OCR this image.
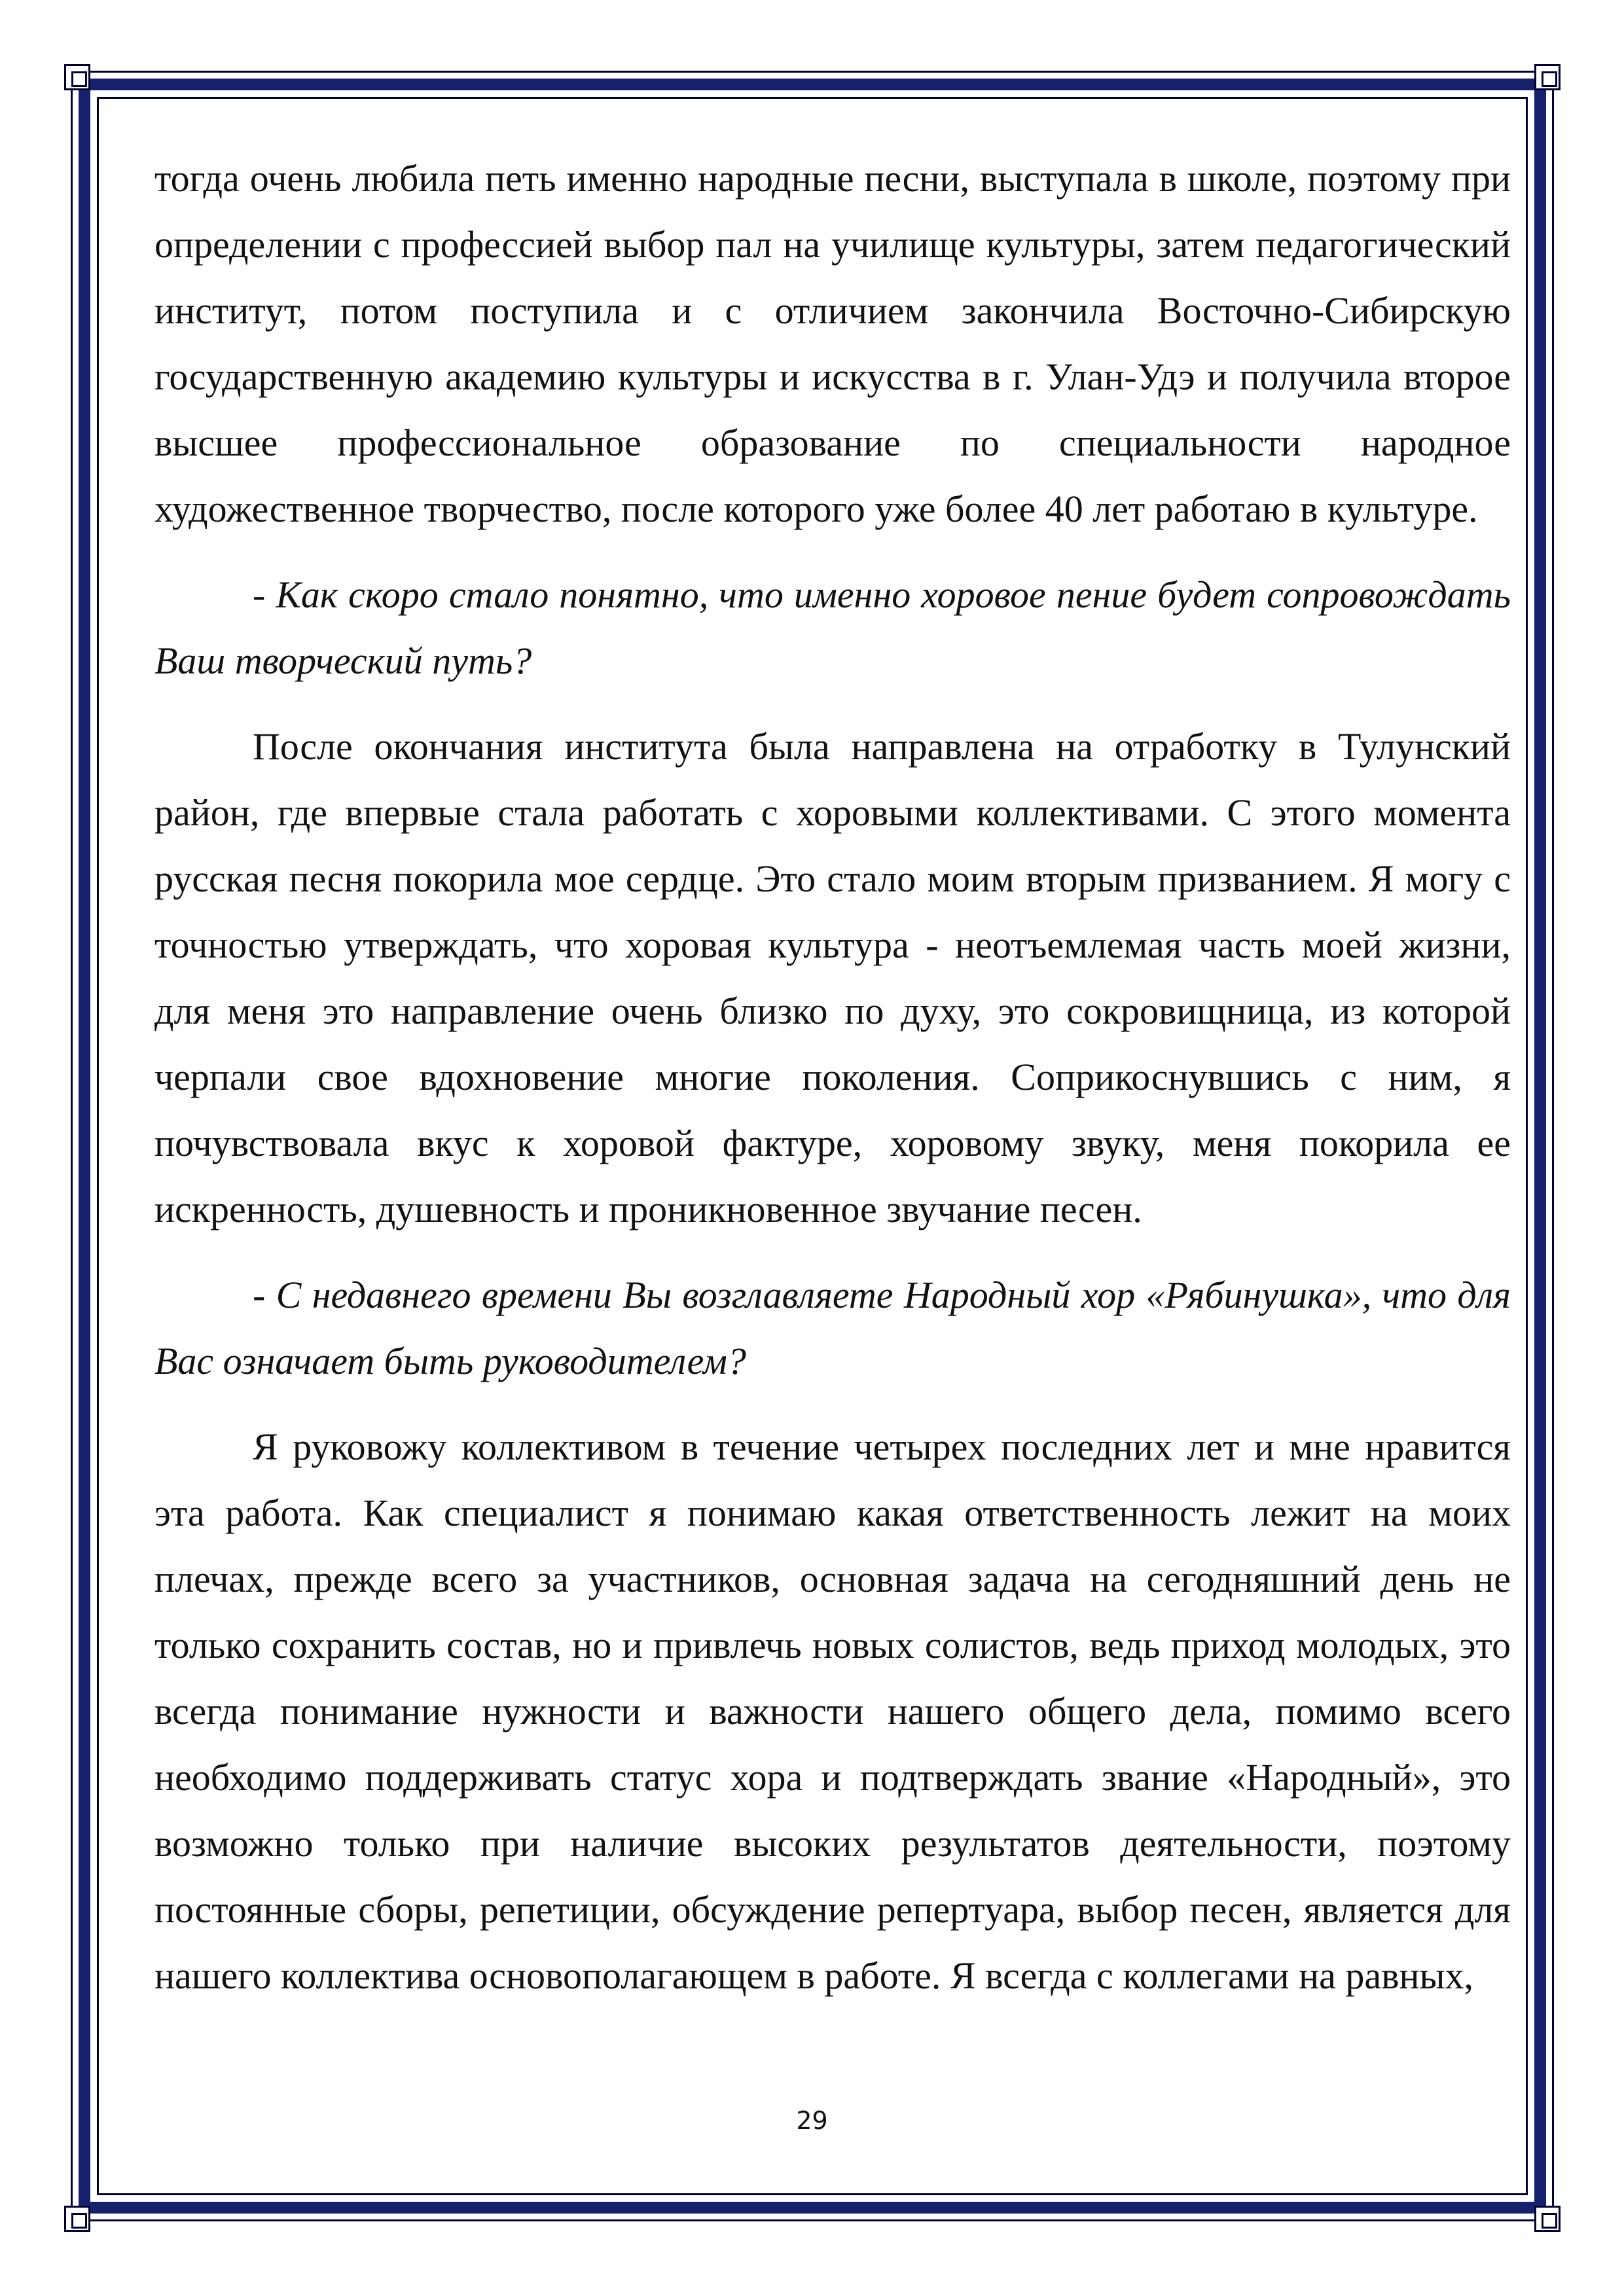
тогда очень любила петь именно народные песни, выступала в школе, поэтому при определении с профессией выбор пал на училище культуры, затем педагогический институт, потом поступила и с отличием закончила Восточно-Сибирскую государственную академию культуры и искусства в г. Улан-Удэ и получила второе высшее профессиональное образование по специальности народное художественное творчество, после которого уже более 40 лет работаю в культуре.

- Как скоро стало понятно, что именно хоровое пение будет сопровождать Ваш творческий путь?

После окончания института была направлена на отработку в Тулунский район, где впервые стала работать с хоровыми коллективами. С этого момента русская песня покорила мое сердце. Это стало моим вторым призванием. Я могу с точностью утверждать, что хоровая культура - неотъемлемая часть моей жизни, для меня это направление очень близко по духу, это сокровищница, из которой черпали свое вдохновение многие поколения. Соприкоснувшись с ним, я почувствовала вкус к хоровой фактуре, хоровому звуку, меня покорила ее искренность, душевность и проникновенное звучание песен.

- С недавнего времени Вы возглавляете Народный хор «Рябинушка», что для Вас означает быть руководителем?

Я руковожу коллективом в течение четырех последних лет и мне нравится эта работа. Как специалист я понимаю какая ответственность лежит на моих плечах, прежде всего за участников, основная задача на сегодняшний день не только сохранить состав, но и привлечь новых солистов, ведь приход молодых, это всегда понимание нужности и важности нашего общего дела, помимо всего необходимо поддерживать статус хора и подтверждать звание «Народный», это возможно только при наличие высоких результатов деятельности, поэтому постоянные сборы, репетиции, обсуждение репертуара, выбор песен, является для нашего коллектива основополагающем в работе. Я всегда с коллегами на равных,

29
